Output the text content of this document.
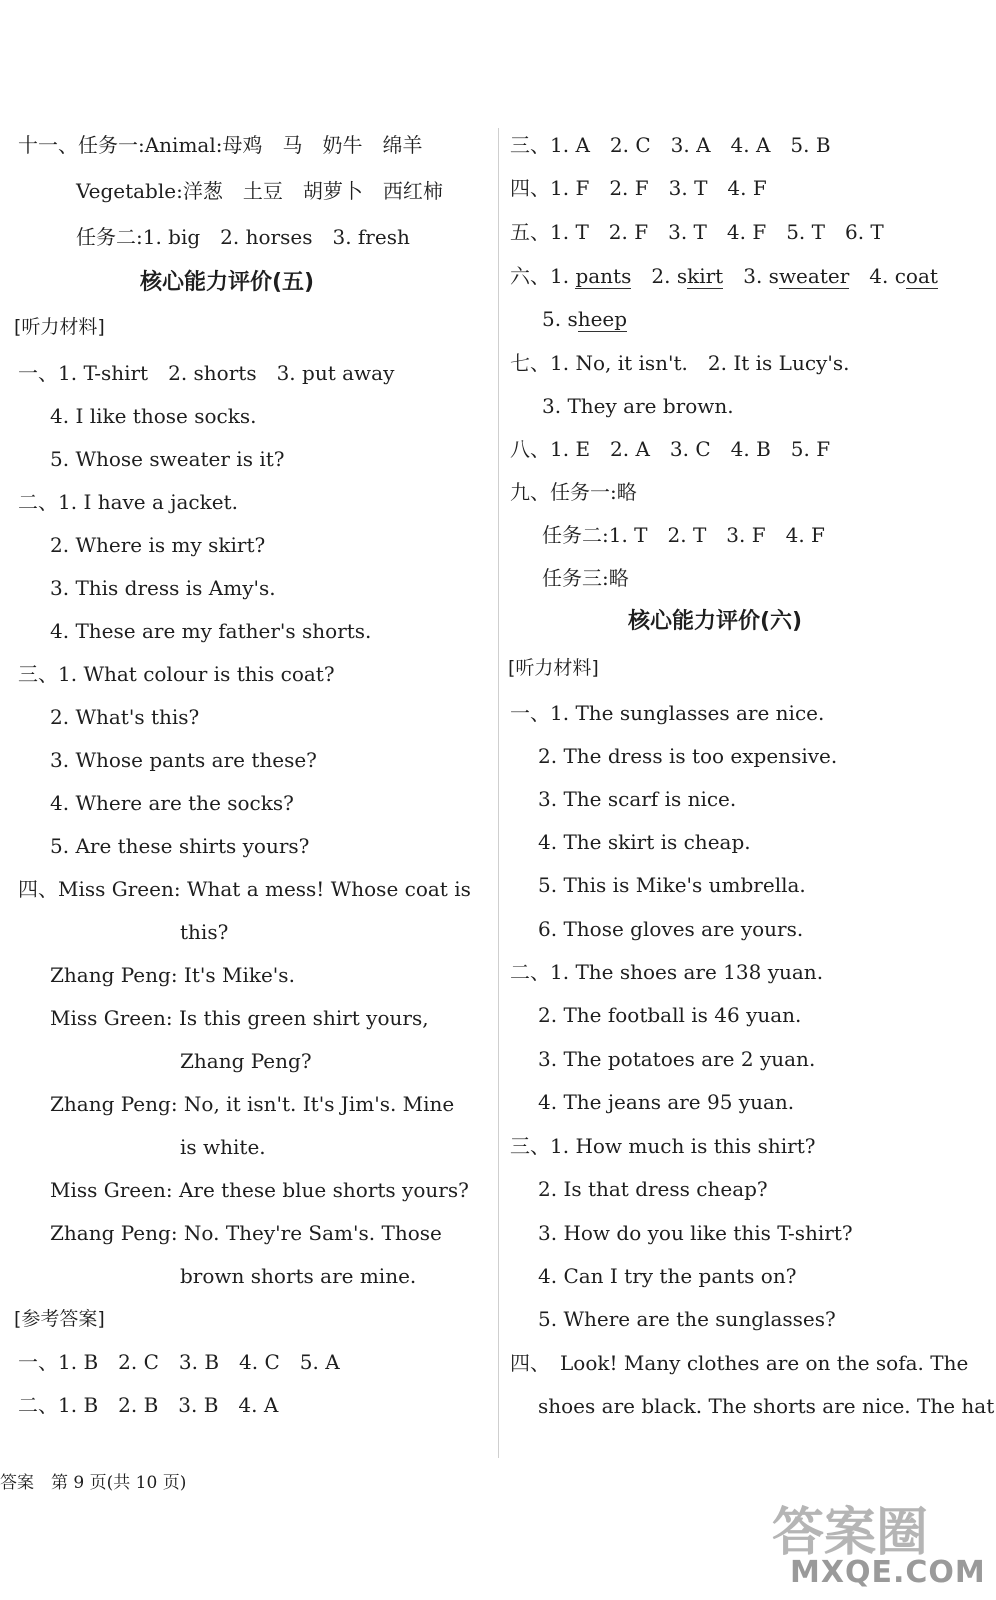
十一、任务一:Animal:母鸡　马　奶牛　绵羊
Vegetable:洋葱　土豆　胡萝卜　西红柿
任务二:1. big　2. horses　3. fresh
核心能力评价(五)
[听力材料]
一、1. T-shirt　2. shorts　3. put away
4. I like those socks.
5. Whose sweater is it?
二、1. I have a jacket.
2. Where is my skirt?
3. This dress is Amy's.
4. These are my father's shorts.
三、1. What colour is this coat?
2. What's this?
3. Whose pants are these?
4. Where are the socks?
5. Are these shirts yours?
四、Miss Green: What a mess! Whose coat is
this?
Zhang Peng: It's Mike's.
Miss Green: Is this green shirt yours,
Zhang Peng?
Zhang Peng: No, it isn't. It's Jim's. Mine
is white.
Miss Green: Are these blue shorts yours?
Zhang Peng: No. They're Sam's. Those
brown shorts are mine.
[参考答案]
一、1. B　2. C　3. B　4. C　5. A
二、1. B　2. B　3. B　4. A
三、1. A　2. C　3. A　4. A　5. B
四、1. F　2. F　3. T　4. F
五、1. T　2. F　3. T　4. F　5. T　6. T
六、1. pants　2. skirt　3. sweater　4. coat
5. sheep
七、1. No, it isn't.　2. It is Lucy's.
3. They are brown.
八、1. E　2. A　3. C　4. B　5. F
九、任务一:略
任务二:1. T　2. T　3. F　4. F
任务三:略
核心能力评价(六)
[听力材料]
一、1. The sunglasses are nice.
2. The dress is too expensive.
3. The scarf is nice.
4. The skirt is cheap.
5. This is Mike's umbrella.
6. Those gloves are yours.
二、1. The shoes are 138 yuan.
2. The football is 46 yuan.
3. The potatoes are 2 yuan.
4. The jeans are 95 yuan.
三、1. How much is this shirt?
2. Is that dress cheap?
3. How do you like this T-shirt?
4. Can I try the pants on?
5. Where are the sunglasses?
四、　Look! Many clothes are on the sofa. The
shoes are black. The shorts are nice. The hat
答案　第 9 页(共 10 页)
答案圈
MXQE.COM
